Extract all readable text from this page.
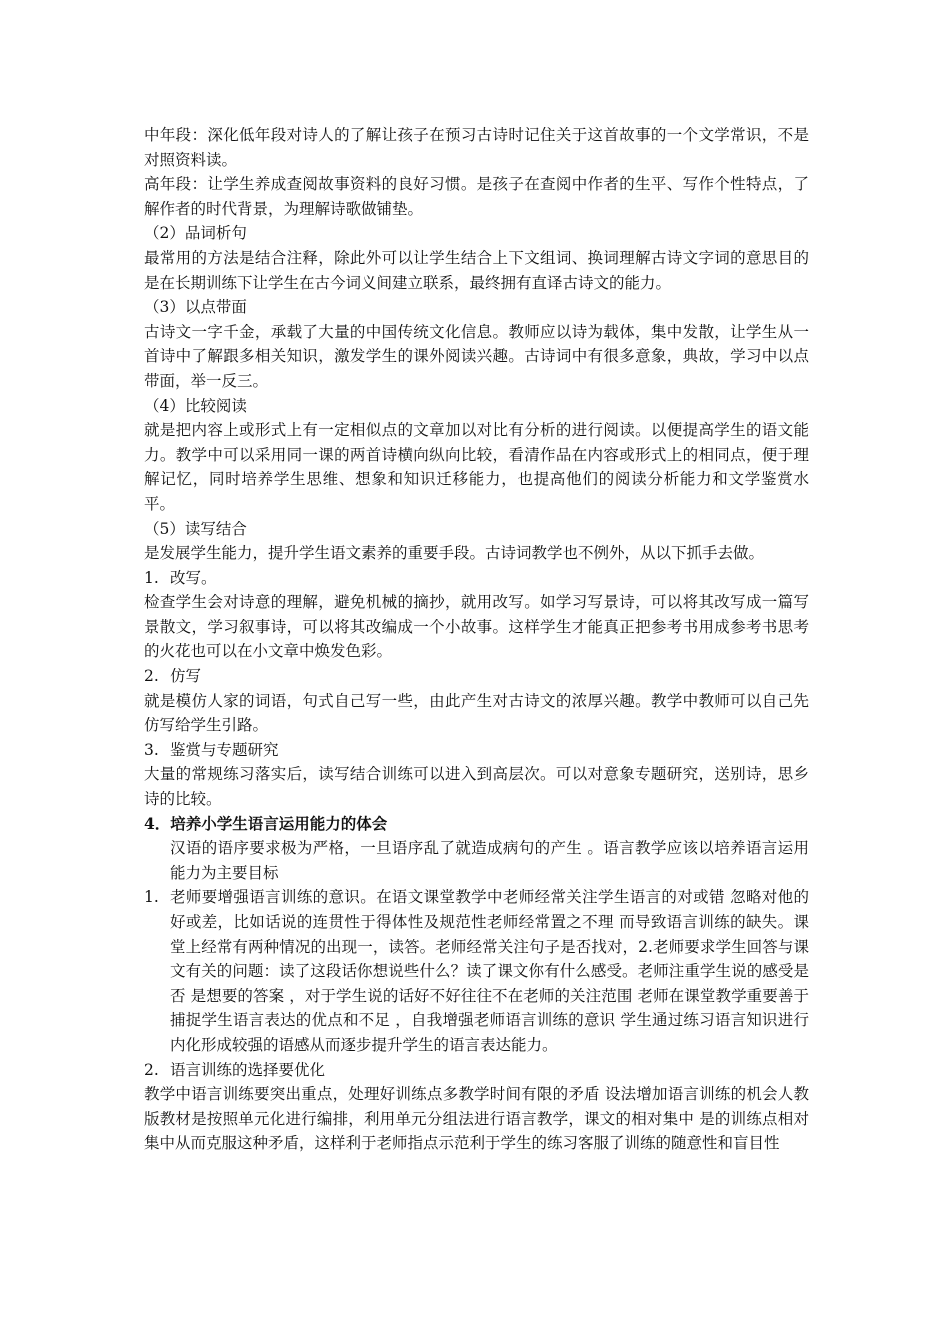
中年段：深化低年段对诗人的了解让孩子在预习古诗时记住关于这首故事的一个文学常识，不是对照资料读。

高年段：让学生养成查阅故事资料的良好习惯。是孩子在查阅中作者的生平、写作个性特点，了解作者的时代背景，为理解诗歌做铺垫。

（2）品词析句

最常用的方法是结合注释，除此外可以让学生结合上下文组词、换词理解古诗文字词的意思目的是在长期训练下让学生在古今词义间建立联系，最终拥有直译古诗文的能力。

（3）以点带面

古诗文一字千金，承载了大量的中国传统文化信息。教师应以诗为载体，集中发散，让学生从一首诗中了解跟多相关知识，激发学生的课外阅读兴趣。古诗词中有很多意象，典故，学习中以点带面，举一反三。

（4）比较阅读

就是把内容上或形式上有一定相似点的文章加以对比有分析的进行阅读。以便提高学生的语文能力。教学中可以采用同一课的两首诗横向纵向比较，看清作品在内容或形式上的相同点，便于理解记忆，同时培养学生思维、想象和知识迁移能力，也提高他们的阅读分析能力和文学鉴赏水平。

（5）读写结合

是发展学生能力，提升学生语文素养的重要手段。古诗词教学也不例外，从以下抓手去做。

1. 改写。

检查学生会对诗意的理解，避免机械的摘抄，就用改写。如学习写景诗，可以将其改写成一篇写景散文，学习叙事诗，可以将其改编成一个小故事。这样学生才能真正把参考书用成参考书思考的火花也可以在小文章中焕发色彩。

2. 仿写

就是模仿人家的词语，句式自己写一些，由此产生对古诗文的浓厚兴趣。教学中教师可以自己先仿写给学生引路。

3. 鉴赏与专题研究

大量的常规练习落实后，读写结合训练可以进入到高层次。可以对意象专题研究，送别诗，思乡诗的比较。

4．培养小学生语言运用能力的体会

汉语的语序要求极为严格，一旦语序乱了就造成病句的产生 。语言教学应该以培养语言运用能力为主要目标

1. 老师要增强语言训练的意识。在语文课堂教学中老师经常关注学生语言的对或错 忽略对他的好或差，比如话说的连贯性于得体性及规范性老师经常置之不理 而导致语言训练的缺失。课堂上经常有两种情况的出现一，读答。老师经常关注句子是否找对，2.老师要求学生回答与课文有关的问题：读了这段话你想说些什么？读了课文你有什么感受。老师注重学生说的感受是否 是想要的答案 ，对于学生说的话好不好往往不在老师的关注范围 老师在课堂教学重要善于捕捉学生语言表达的优点和不足 ，自我增强老师语言训练的意识 学生通过练习语言知识进行内化形成较强的语感从而逐步提升学生的语言表达能力。
2. 语言训练的选择要优化

教学中语言训练要突出重点，处理好训练点多教学时间有限的矛盾 设法增加语言训练的机会人教版教材是按照单元化进行编排，利用单元分组法进行语言教学，课文的相对集中 是的训练点相对集中从而克服这种矛盾，这样利于老师指点示范利于学生的练习客服了训练的随意性和盲目性
